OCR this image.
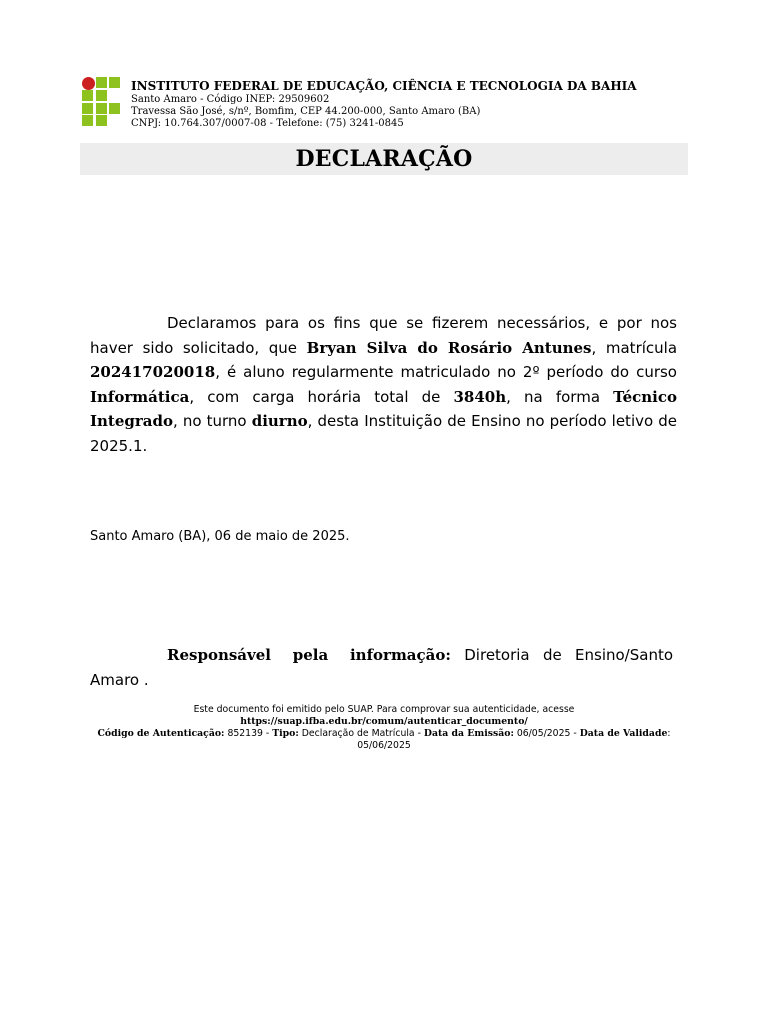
INSTITUTO FEDERAL DE EDUCAÇÃO, CIÊNCIA E TECNOLOGIA DA BAHIA
Santo Amaro - Código INEP: 29509602
Travessa São José, s/nº, Bomfim, CEP 44.200-000, Santo Amaro (BA)
CNPJ: 10.764.307/0007-08 - Telefone: (75) 3241-0845
DECLARAÇÃO
Declaramos para os fins que se fizerem necessários, e por nos haver sido solicitado, que Bryan Silva do Rosário Antunes, matrícula 202417020018, é aluno regularmente matriculado no 2º período do curso Informática, com carga horária total de 3840h, na forma Técnico Integrado, no turno diurno, desta Instituição de Ensino no período letivo de 2025.1.
Santo Amaro (BA), 06 de maio de 2025.
Responsável pela informação: Diretoria de Ensino/Santo Amaro .
Este documento foi emitido pelo SUAP. Para comprovar sua autenticidade, acesse https://suap.ifba.edu.br/comum/autenticar_documento/
Código de Autenticação: 852139 - Tipo: Declaração de Matrícula - Data da Emissão: 06/05/2025 - Data de Validade: 05/06/2025
